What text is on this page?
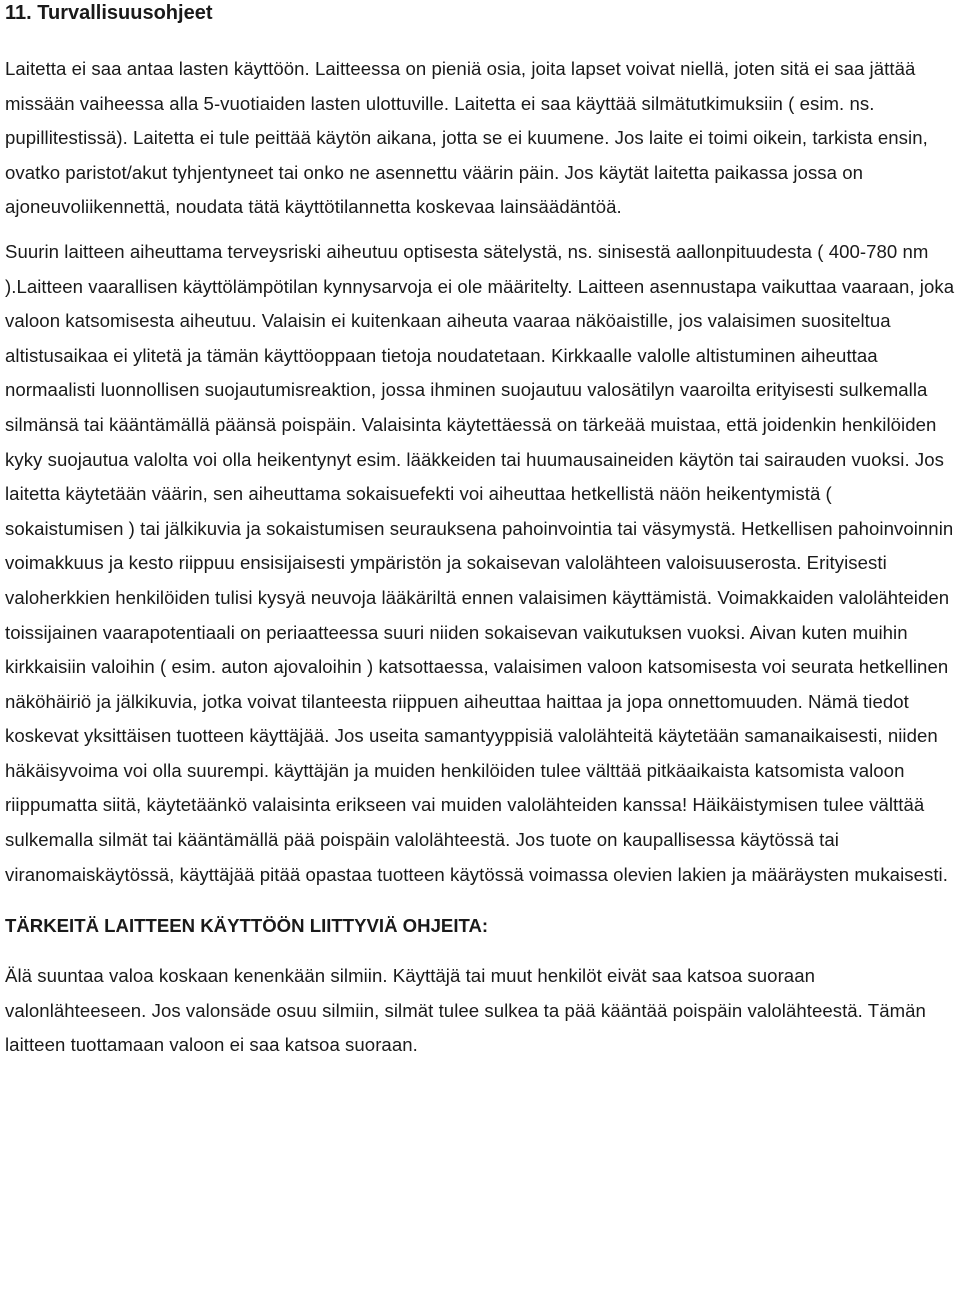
11. Turvallisuusohjeet

Laitetta ei saa antaa lasten käyttöön. Laitteessa on pieniä osia, joita lapset voivat niellä, joten sitä ei saa jättää missään vaiheessa alla 5-vuotiaiden lasten ulottuville. Laitetta ei saa käyttää silmätutkimuksiin ( esim. ns. pupillitestissä). Laitetta ei tule peittää käytön aikana, jotta se ei kuumene. Jos laite ei toimi oikein, tarkista ensin, ovatko paristot/akut tyhjentyneet tai onko ne asennettu väärin päin. Jos käytät laitetta paikassa jossa on ajoneuvoliikennettä, noudata tätä käyttötilannetta koskevaa lainsäädäntöä.

Suurin laitteen aiheuttama terveysriski aiheutuu optisesta sätelystä, ns. sinisestä aallonpituudesta ( 400-780 nm ).Laitteen vaarallisen käyttölämpötilan kynnysarvoja ei ole määritelty. Laitteen asennustapa vaikuttaa vaaraan, joka valoon katsomisesta aiheutuu. Valaisin ei kuitenkaan aiheuta vaaraa näköaistille, jos valaisimen suositeltua altistusaikaa ei ylitetä ja tämän käyttöoppaan tietoja noudatetaan. Kirkkaalle valolle altistuminen aiheuttaa normaalisti luonnollisen suojautumisreaktion, jossa ihminen suojautuu valosätilyn vaaroilta erityisesti sulkemalla silmänsä tai kääntämällä päänsä poispäin. Valaisinta käytettäessä on tärkeää muistaa, että joidenkin henkilöiden kyky suojautua valolta voi olla heikentynyt esim. lääkkeiden tai huumausaineiden käytön tai sairauden vuoksi. Jos laitetta käytetään väärin, sen aiheuttama sokaisuefekti voi aiheuttaa hetkellistä näön heikentymistä ( sokaistumisen ) tai jälkikuvia ja sokaistumisen seurauksena pahoinvointia tai väsymystä. Hetkellisen pahoinvoinnin voimakkuus ja kesto riippuu ensisijaisesti ympäristön ja sokaisevan valolähteen valoisuuserosta. Erityisesti valoherkkien henkilöiden tulisi kysyä neuvoja lääkäriltä ennen valaisimen käyttämistä. Voimakkaiden valolähteiden toissijainen vaarapotentiaali on periaatteessa suuri niiden sokaisevan vaikutuksen vuoksi. Aivan kuten muihin kirkkaisiin valoihin ( esim. auton ajovaloihin ) katsottaessa, valaisimen valoon katsomisesta voi seurata hetkellinen näköhäiriö ja jälkikuvia, jotka voivat tilanteesta riippuen aiheuttaa haittaa ja jopa onnettomuuden. Nämä tiedot koskevat yksittäisen tuotteen käyttäjää. Jos useita samantyyppisiä valolähteitä käytetään samanaikaisesti, niiden häkäisyvoima voi olla suurempi. käyttäjän ja muiden henkilöiden tulee välttää pitkäaikaista katsomista valoon riippumatta siitä, käytetäänkö valaisinta erikseen vai muiden valolähteiden kanssa! Häikäistymisen tulee välttää sulkemalla silmät tai kääntämällä pää poispäin valolähteestä. Jos tuote on kaupallisessa käytössä tai viranomaiskäytössä, käyttäjää pitää opastaa tuotteen käytössä voimassa olevien lakien ja määräysten mukaisesti.

TÄRKEITÄ LAITTEEN KÄYTTÖÖN LIITTYVIÄ OHJEITA:

Älä suuntaa valoa koskaan kenenkään silmiin. Käyttäjä tai muut henkilöt eivät saa katsoa suoraan valonlähteeseen. Jos valonsäde osuu silmiin, silmät tulee sulkea ta pää kääntää poispäin valolähteestä. Tämän laitteen tuottamaan valoon ei saa katsoa suoraan.
